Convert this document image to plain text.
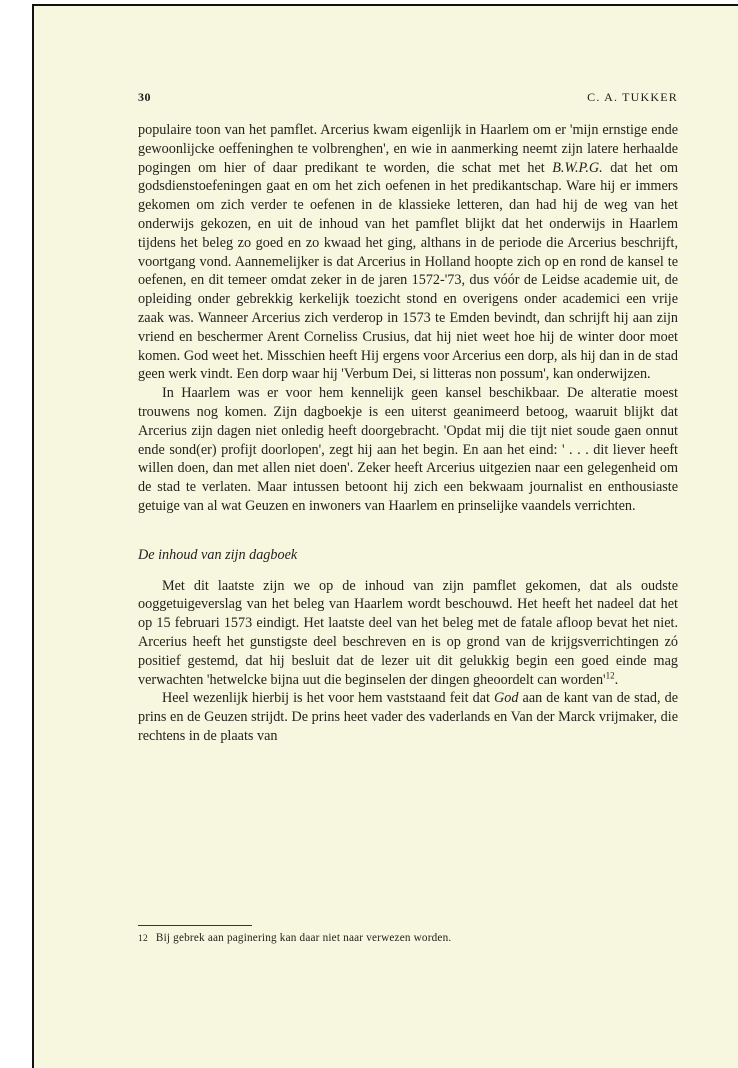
30	C. A. TUKKER

populaire toon van het pamflet. Arcerius kwam eigenlijk in Haarlem om er 'mijn ernstige ende gewoonlijcke oeffeninghen te volbrenghen', en wie in aanmerking neemt zijn latere herhaalde pogingen om hier of daar predikant te worden, die schat met het B.W.P.G. dat het om godsdienstoefeningen gaat en om het zich oefenen in het predikantschap. Ware hij er immers gekomen om zich verder te oefenen in de klassieke letteren, dan had hij de weg van het onderwijs gekozen, en uit de inhoud van het pamflet blijkt dat het onderwijs in Haarlem tijdens het beleg zo goed en zo kwaad het ging, althans in de periode die Arcerius beschrijft, voortgang vond. Aannemelijker is dat Arcerius in Holland hoopte zich op en rond de kansel te oefenen, en dit temeer omdat zeker in de jaren 1572-'73, dus vóór de Leidse academie uit, de opleiding onder gebrekkig kerkelijk toezicht stond en overigens onder academici een vrije zaak was. Wanneer Arcerius zich verderop in 1573 te Emden bevindt, dan schrijft hij aan zijn vriend en beschermer Arent Corneliss Crusius, dat hij niet weet hoe hij de winter door moet komen. God weet het. Misschien heeft Hij ergens voor Arcerius een dorp, als hij dan in de stad geen werk vindt. Een dorp waar hij 'Verbum Dei, si litteras non possum', kan onderwijzen.

In Haarlem was er voor hem kennelijk geen kansel beschikbaar. De alteratie moest trouwens nog komen. Zijn dagboekje is een uiterst geanimeerd betoog, waaruit blijkt dat Arcerius zijn dagen niet onledig heeft doorgebracht. 'Opdat mij die tijt niet soude gaen onnut ende sond(er) profijt doorlopen', zegt hij aan het begin. En aan het eind: ' . . . dit liever heeft willen doen, dan met allen niet doen'. Zeker heeft Arcerius uitgezien naar een gelegenheid om de stad te verlaten. Maar intussen betoont hij zich een bekwaam journalist en enthousiaste getuige van al wat Geuzen en inwoners van Haarlem en prinselijke vaandels verrichten.

De inhoud van zijn dagboek

Met dit laatste zijn we op de inhoud van zijn pamflet gekomen, dat als oudste ooggetuigeverslag van het beleg van Haarlem wordt beschouwd. Het heeft het nadeel dat het op 15 februari 1573 eindigt. Het laatste deel van het beleg met de fatale afloop bevat het niet. Arcerius heeft het gunstigste deel beschreven en is op grond van de krijgsverrichtingen zó positief gestemd, dat hij besluit dat de lezer uit dit gelukkig begin een goed einde mag verwachten 'hetwelcke bijna uut die beginselen der dingen gheoordelt can $worden'^{12}$.

Heel wezenlijk hierbij is het voor hem vaststaand feit dat God aan de kant van de stad, de prins en de Geuzen strijdt. De prins heet vader des vaderlands en Van der Marck vrijmaker, die rechtens in de plaats van

12 Bij gebrek aan paginering kan daar niet naar verwezen worden.
